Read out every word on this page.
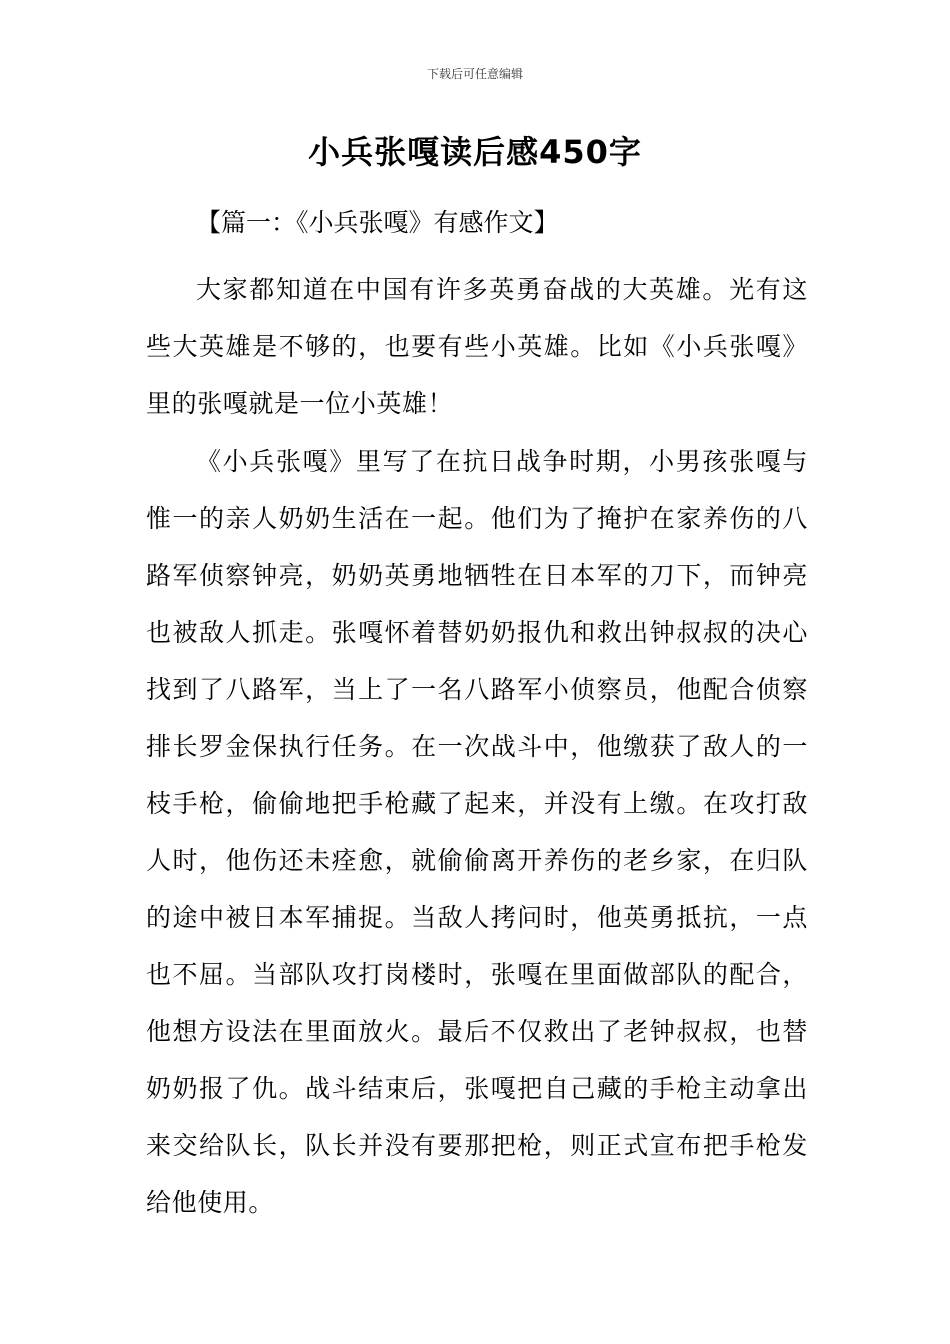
下载后可任意编辑
小兵张嘎读后感450字
【篇一：《小兵张嘎》有感作文】

大家都知道在中国有许多英勇奋战的大英雄。光有这些大英雄是不够的，也要有些小英雄。比如《小兵张嘎》里的张嘎就是一位小英雄！

《小兵张嘎》里写了在抗日战争时期，小男孩张嘎与惟一的亲人奶奶生活在一起。他们为了掩护在家养伤的八路军侦察钟亮，奶奶英勇地牺牲在日本军的刀下，而钟亮也被敌人抓走。张嘎怀着替奶奶报仇和救出钟叔叔的决心找到了八路军，当上了一名八路军小侦察员，他配合侦察排长罗金保执行任务。在一次战斗中，他缴获了敌人的一枝手枪，偷偷地把手枪藏了起来，并没有上缴。在攻打敌人时，他伤还未痊愈，就偷偷离开养伤的老乡家，在归队的途中被日本军捕捉。当敌人拷问时，他英勇抵抗，一点也不屈。当部队攻打岗楼时，张嘎在里面做部队的配合，他想方设法在里面放火。最后不仅救出了老钟叔叔，也替奶奶报了仇。战斗结束后，张嘎把自己藏的手枪主动拿出来交给队长，队长并没有要那把枪，则正式宣布把手枪发给他使用。
